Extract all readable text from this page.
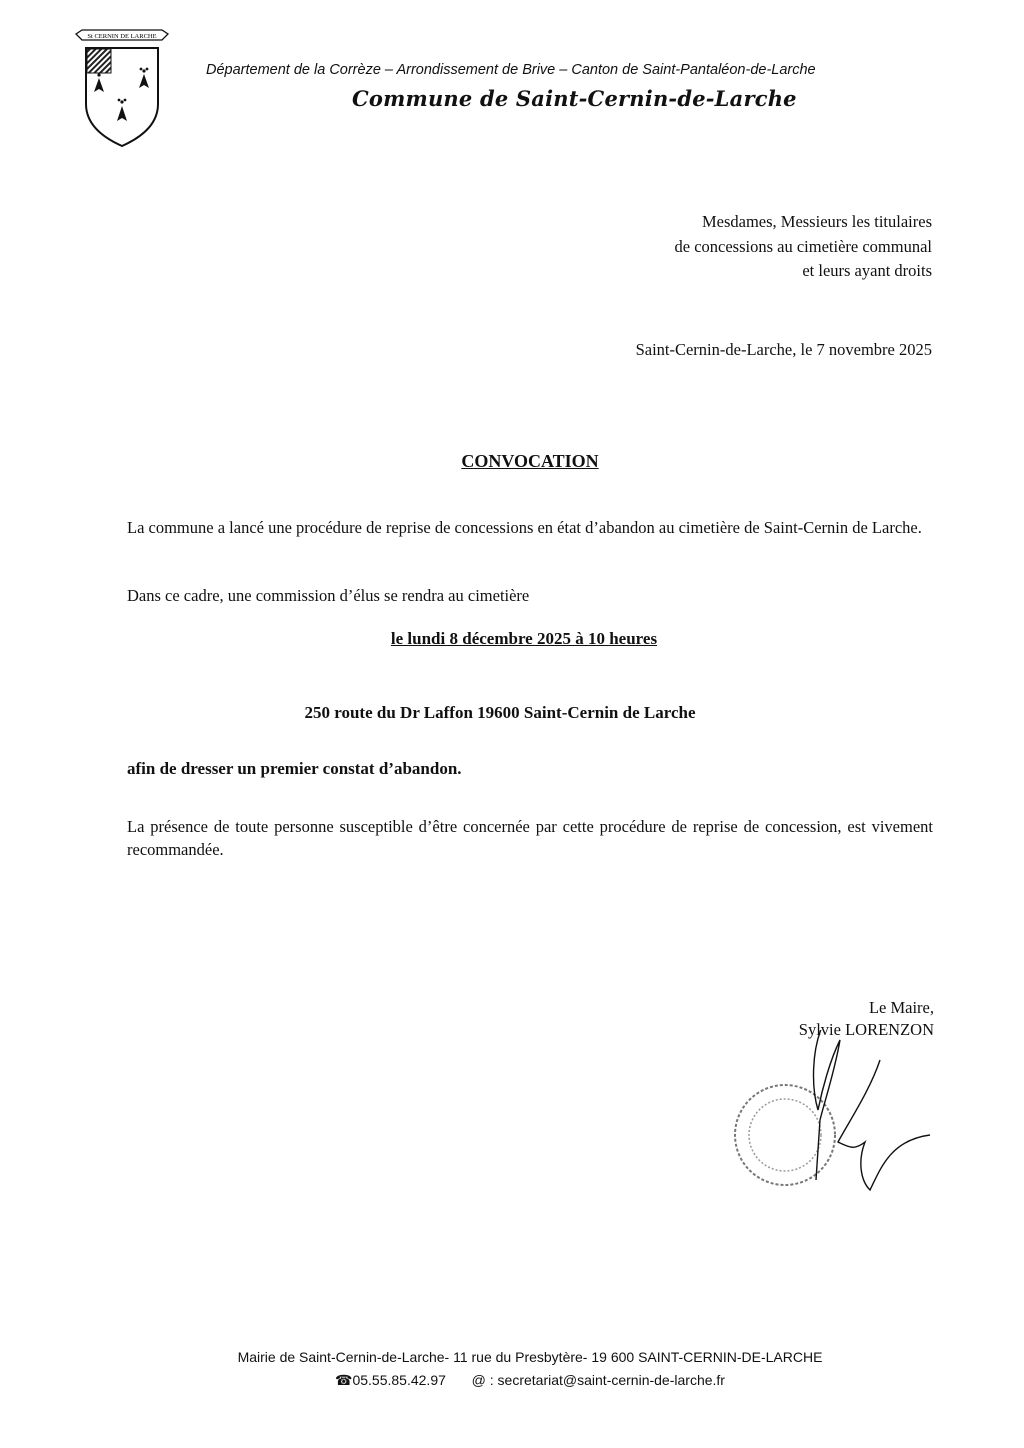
St CERNIN DE LARCHE
Département de la Corrèze – Arrondissement de Brive – Canton de Saint-Pantaléon-de-Larche
Commune de Saint-Cernin-de-Larche
Mesdames, Messieurs les titulaires
de concessions au cimetière communal
et leurs ayant droits
Saint-Cernin-de-Larche, le 7 novembre 2025
CONVOCATION
La commune a lancé une procédure de reprise de concessions en état d’abandon au cimetière de Saint-Cernin de Larche.
Dans ce cadre, une commission d’élus se rendra au cimetière
le lundi 8 décembre 2025 à 10 heures
250 route du Dr Laffon 19600 Saint-Cernin de Larche
afin de dresser un premier constat d’abandon.
La présence de toute personne susceptible d’être concernée par cette procédure de reprise de concession, est vivement recommandée.
Le Maire,
Sylvie LORENZON
Mairie de Saint-Cernin-de-Larche- 11 rue du Presbytère- 19 600 SAINT-CERNIN-DE-LARCHE
☎05.55.85.42.97 @ : secretariat@saint-cernin-de-larche.fr
